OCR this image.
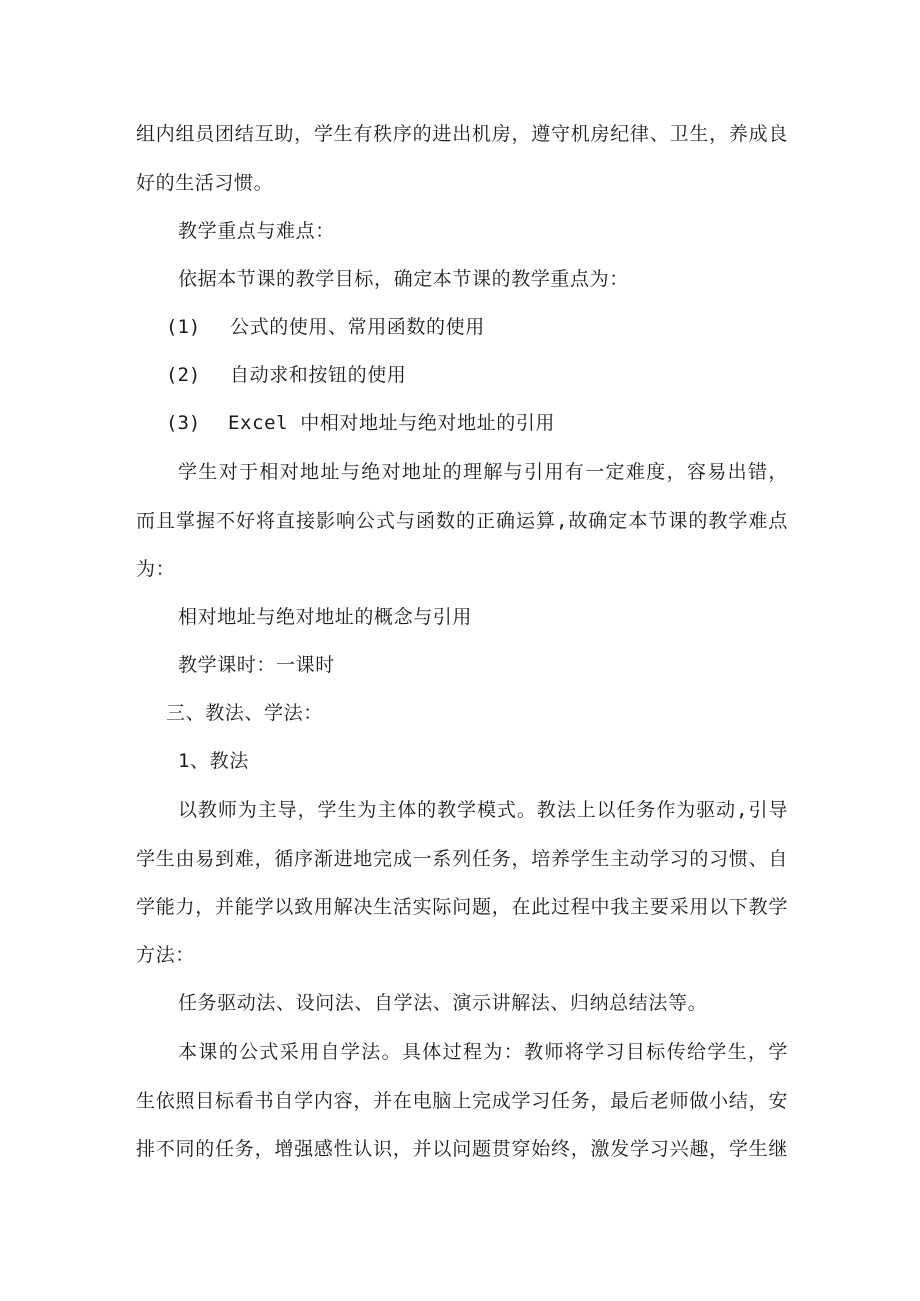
组内组员团结互助，学生有秩序的进出机房，遵守机房纪律、卫生，养成良
好的生活习惯。
教学重点与难点：
依据本节课的教学目标，确定本节课的教学重点为：
(1) 公式的使用、常用函数的使用
(2) 自动求和按钮的使用
(3) Excel 中相对地址与绝对地址的引用
学生对于相对地址与绝对地址的理解与引用有一定难度，容易出错，
而且掌握不好将直接影响公式与函数的正确运算,故确定本节课的教学难点
为：
相对地址与绝对地址的概念与引用
教学课时：一课时
三、教法、学法：
1、教法
以教师为主导，学生为主体的教学模式。教法上以任务作为驱动,引导
学生由易到难，循序渐进地完成一系列任务，培养学生主动学习的习惯、自
学能力，并能学以致用解决生活实际问题，在此过程中我主要采用以下教学
方法：
任务驱动法、设问法、自学法、演示讲解法、归纳总结法等。
本课的公式采用自学法。具体过程为：教师将学习目标传给学生，学
生依照目标看书自学内容，并在电脑上完成学习任务，最后老师做小结，安
排不同的任务，增强感性认识，并以问题贯穿始终，激发学习兴趣，学生继
